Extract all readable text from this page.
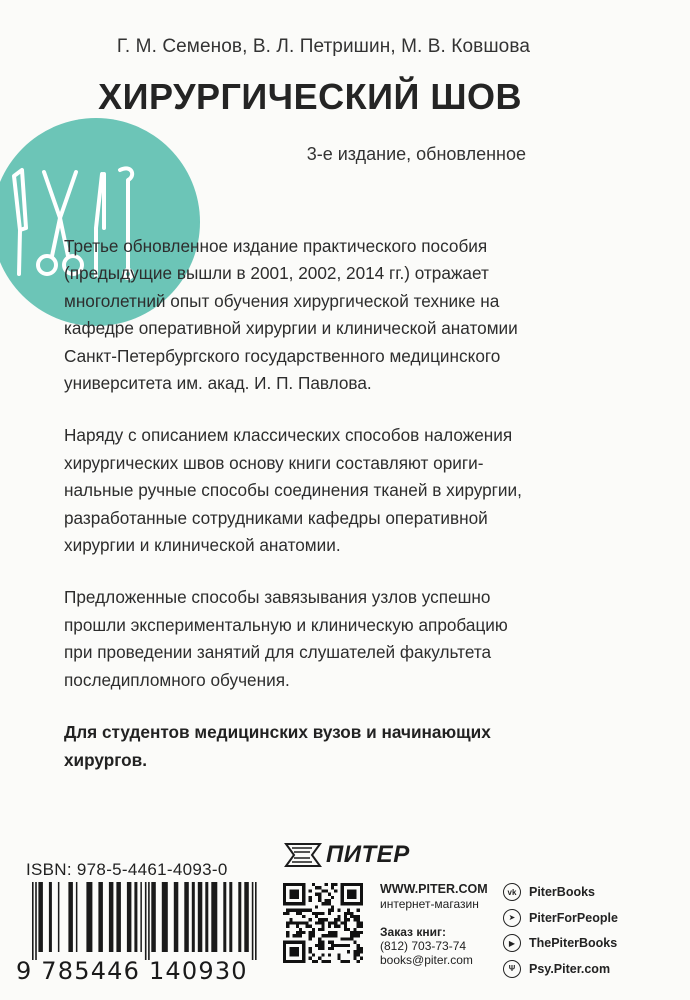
Г. М. Семенов, В. Л. Петришин, М. В. Ковшова
ХИРУРГИЧЕСКИЙ ШОВ
3-е издание, обновленное

Третье обновленное издание практического пособия
(предыдущие вышли в 2001, 2002, 2014 гг.) отражает
многолетний опыт обучения хирургической технике на
кафедре оперативной хирургии и клинической анатомии
Санкт-Петербургского государственного медицинского
университета им. акад. И. П. Павлова.

Наряду с описанием классических способов наложения
хирургических швов основу книги составляют ориги-
нальные ручные способы соединения тканей в хирургии,
разработанные сотрудниками кафедры оперативной
хирургии и клинической анатомии.

Предложенные способы завязывания узлов успешно
прошли экспериментальную и клиническую апробацию
при проведении занятий для слушателей факультета
последипломного обучения.

Для студентов медицинских вузов и начинающих
хирургов.

ISBN: 978-5-4461-4093-0
9 785446 140930
ПИТЕР
WWW.PITER.COM
интернет-магазин
Заказ книг:
(812) 703-73-74
books@piter.com
vk	PiterBooks
➤	PiterForPeople
▶	ThePiterBooks
Ψ	Psy.Piter.com
